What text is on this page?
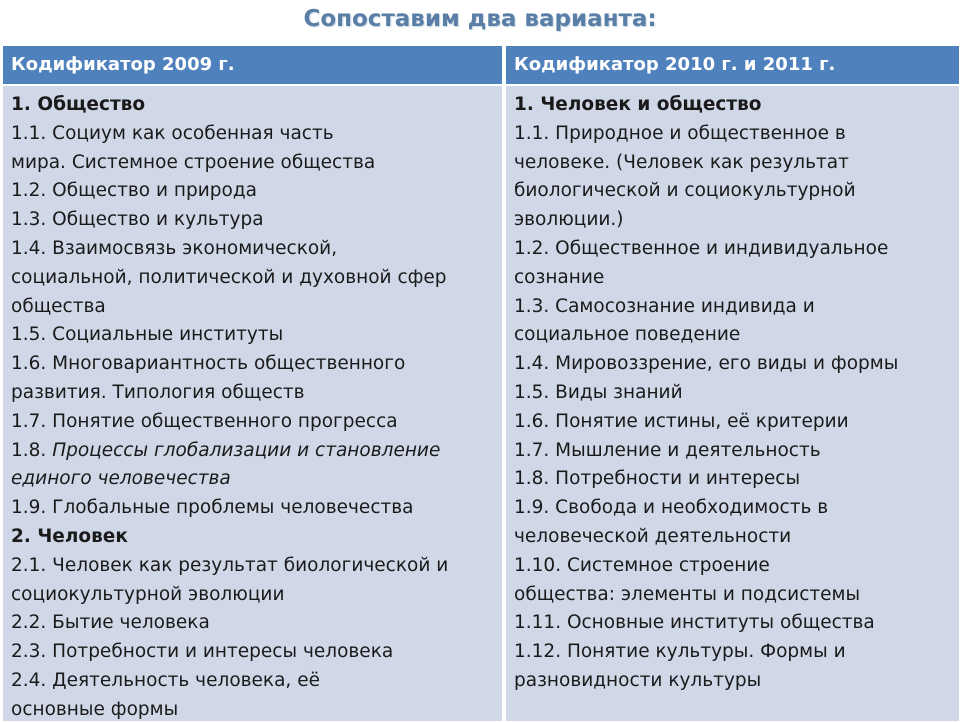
Сопоставим два варианта:
Кодификатор 2009 г.	Кодификатор 2010 г. и 2011 г.
1. Общество
1.1. Социум как особенная часть
мира. Системное строение общества
1.2. Общество и природа
1.3. Общество и культура
1.4. Взаимосвязь экономической,
социальной, политической и духовной сфер
общества
1.5. Социальные институты
1.6. Многовариантность общественного
развития. Типология обществ
1.7. Понятие общественного прогресса
1.8. Процессы глобализации и становление
единого человечества
1.9. Глобальные проблемы человечества
2. Человек
2.1. Человек как результат биологической и
социокультурной эволюции
2.2. Бытие человека
2.3. Потребности и интересы человека
2.4. Деятельность человека, её
основные формы
1. Человек и общество
1.1. Природное и общественное в
человеке. (Человек как результат
биологической и социокультурной
эволюции.)
1.2. Общественное и индивидуальное
сознание
1.3. Самосознание индивида и
социальное поведение
1.4. Мировоззрение, его виды и формы
1.5. Виды знаний
1.6. Понятие истины, её критерии
1.7. Мышление и деятельность
1.8. Потребности и интересы
1.9. Свобода и необходимость в
человеческой деятельности
1.10. Системное строение
общества: элементы и подсистемы
1.11. Основные институты общества
1.12. Понятие культуры. Формы и
разновидности культуры
